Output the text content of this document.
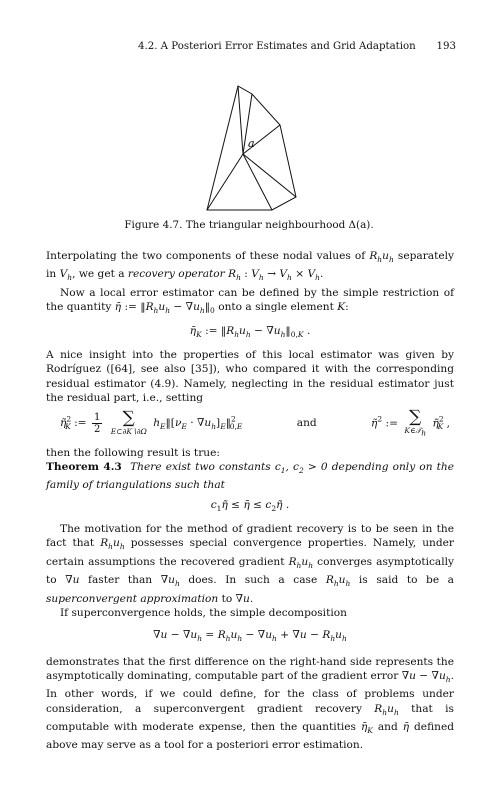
4.2. A Posteriori Error Estimates and Grid Adaptation 193
a
Figure 4.7. The triangular neighbourhood Δ(a).

Interpolating the two components of these nodal values of $R_hu_h$ separately in $V_h$, we get a recovery operator $R_h$ : $V_h \to V_h \times V_h$.

Now a local error estimator can be defined by the simple restriction of the quantity η̄ := $‖R_hu_h$ − $\nabla u_h‖_0$ onto a single element K:

$\etā_K$ := $‖R_hu_h$ − $\nabla u_h‖_{0,K}$ .

A nice insight into the properties of this local estimator was given by Rodríguez ([64], see also [35]), who compared it with the corresponding residual estimator (4.9). Namely, neglecting in the residual estimator just the residual part, i.e., setting

η̃$^2_K$ := $\frac{1}{2}$
∑
E⊂∂K∖∂Ω
$h_E‖[\nu_E$ · $\nabla u_h]_E‖^2_{0,E}$	and	η̃$^2$ := ∑
K∈𝒯$_h$
η̃$^2_K$ ,

then the following result is true:

Theorem 4.3 There exist two constants $c_1$, $c_2 > 0$ depending only on the family of triangulations such that

$c_1\etã$ ≤ η̄ ≤ $c_2\etã$ .

The motivation for the method of gradient recovery is to be seen in the fact that $R_hu_h$ possesses special convergence properties. Namely, under certain assumptions the recovered gradient $R_hu_h$ converges asymptotically to ∇u faster than $\nabla u_h$ does. In such a case $R_hu_h$ is said to be a superconvergent approximation to ∇u.

If superconvergence holds, the simple decomposition

$\nabla u - \nabla u_h = R_hu_h - \nabla u_h + \nabla u - R_hu_h$

demonstrates that the first difference on the right-hand side represents the asymptotically dominating, computable part of the gradient error $\nabla u - \nabla u_h$. In other words, if we could define, for the class of problems under consideration, a superconvergent gradient recovery $R_hu_h$ that is computable with moderate expense, then the quantities $\etā_K$ and η̄ defined above may serve as a tool for a posteriori error estimation.
